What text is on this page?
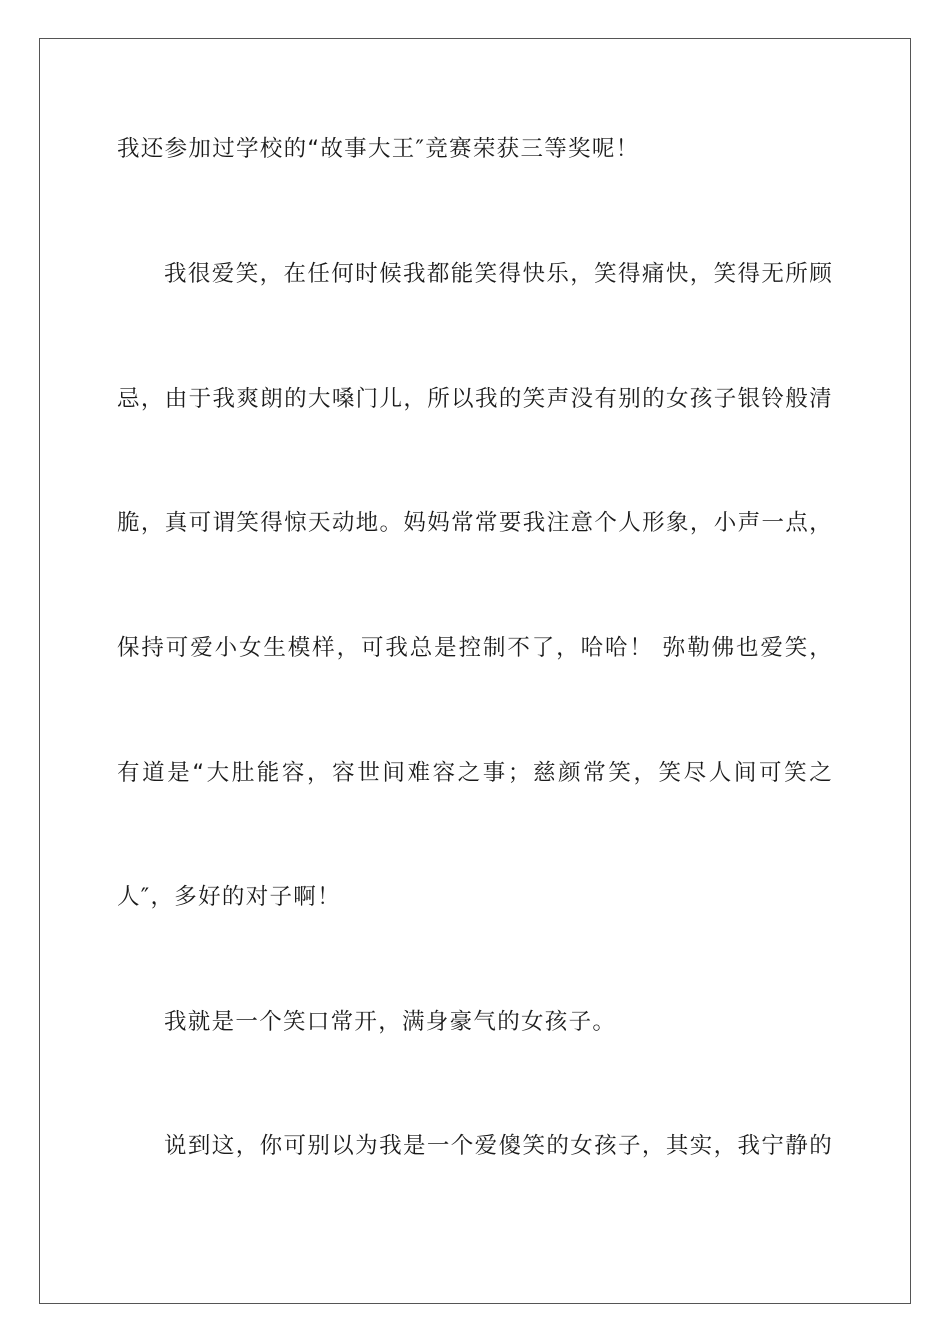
我还参加过学校的“故事大王″竞赛荣获三等奖呢！
我很爱笑，在任何时候我都能笑得快乐，笑得痛快，笑得无所顾
忌，由于我爽朗的大嗓门儿，所以我的笑声没有别的女孩子银铃般清
脆，真可谓笑得惊天动地。妈妈常常要我注意个人形象，小声一点，
保持可爱小女生模样，可我总是控制不了，哈哈！ 弥勒佛也爱笑，
有道是“大肚能容，容世间难容之事；慈颜常笑，笑尽人间可笑之
人″，多好的对子啊！
我就是一个笑口常开，满身豪气的女孩子。
说到这，你可别以为我是一个爱傻笑的女孩子，其实，我宁静的
